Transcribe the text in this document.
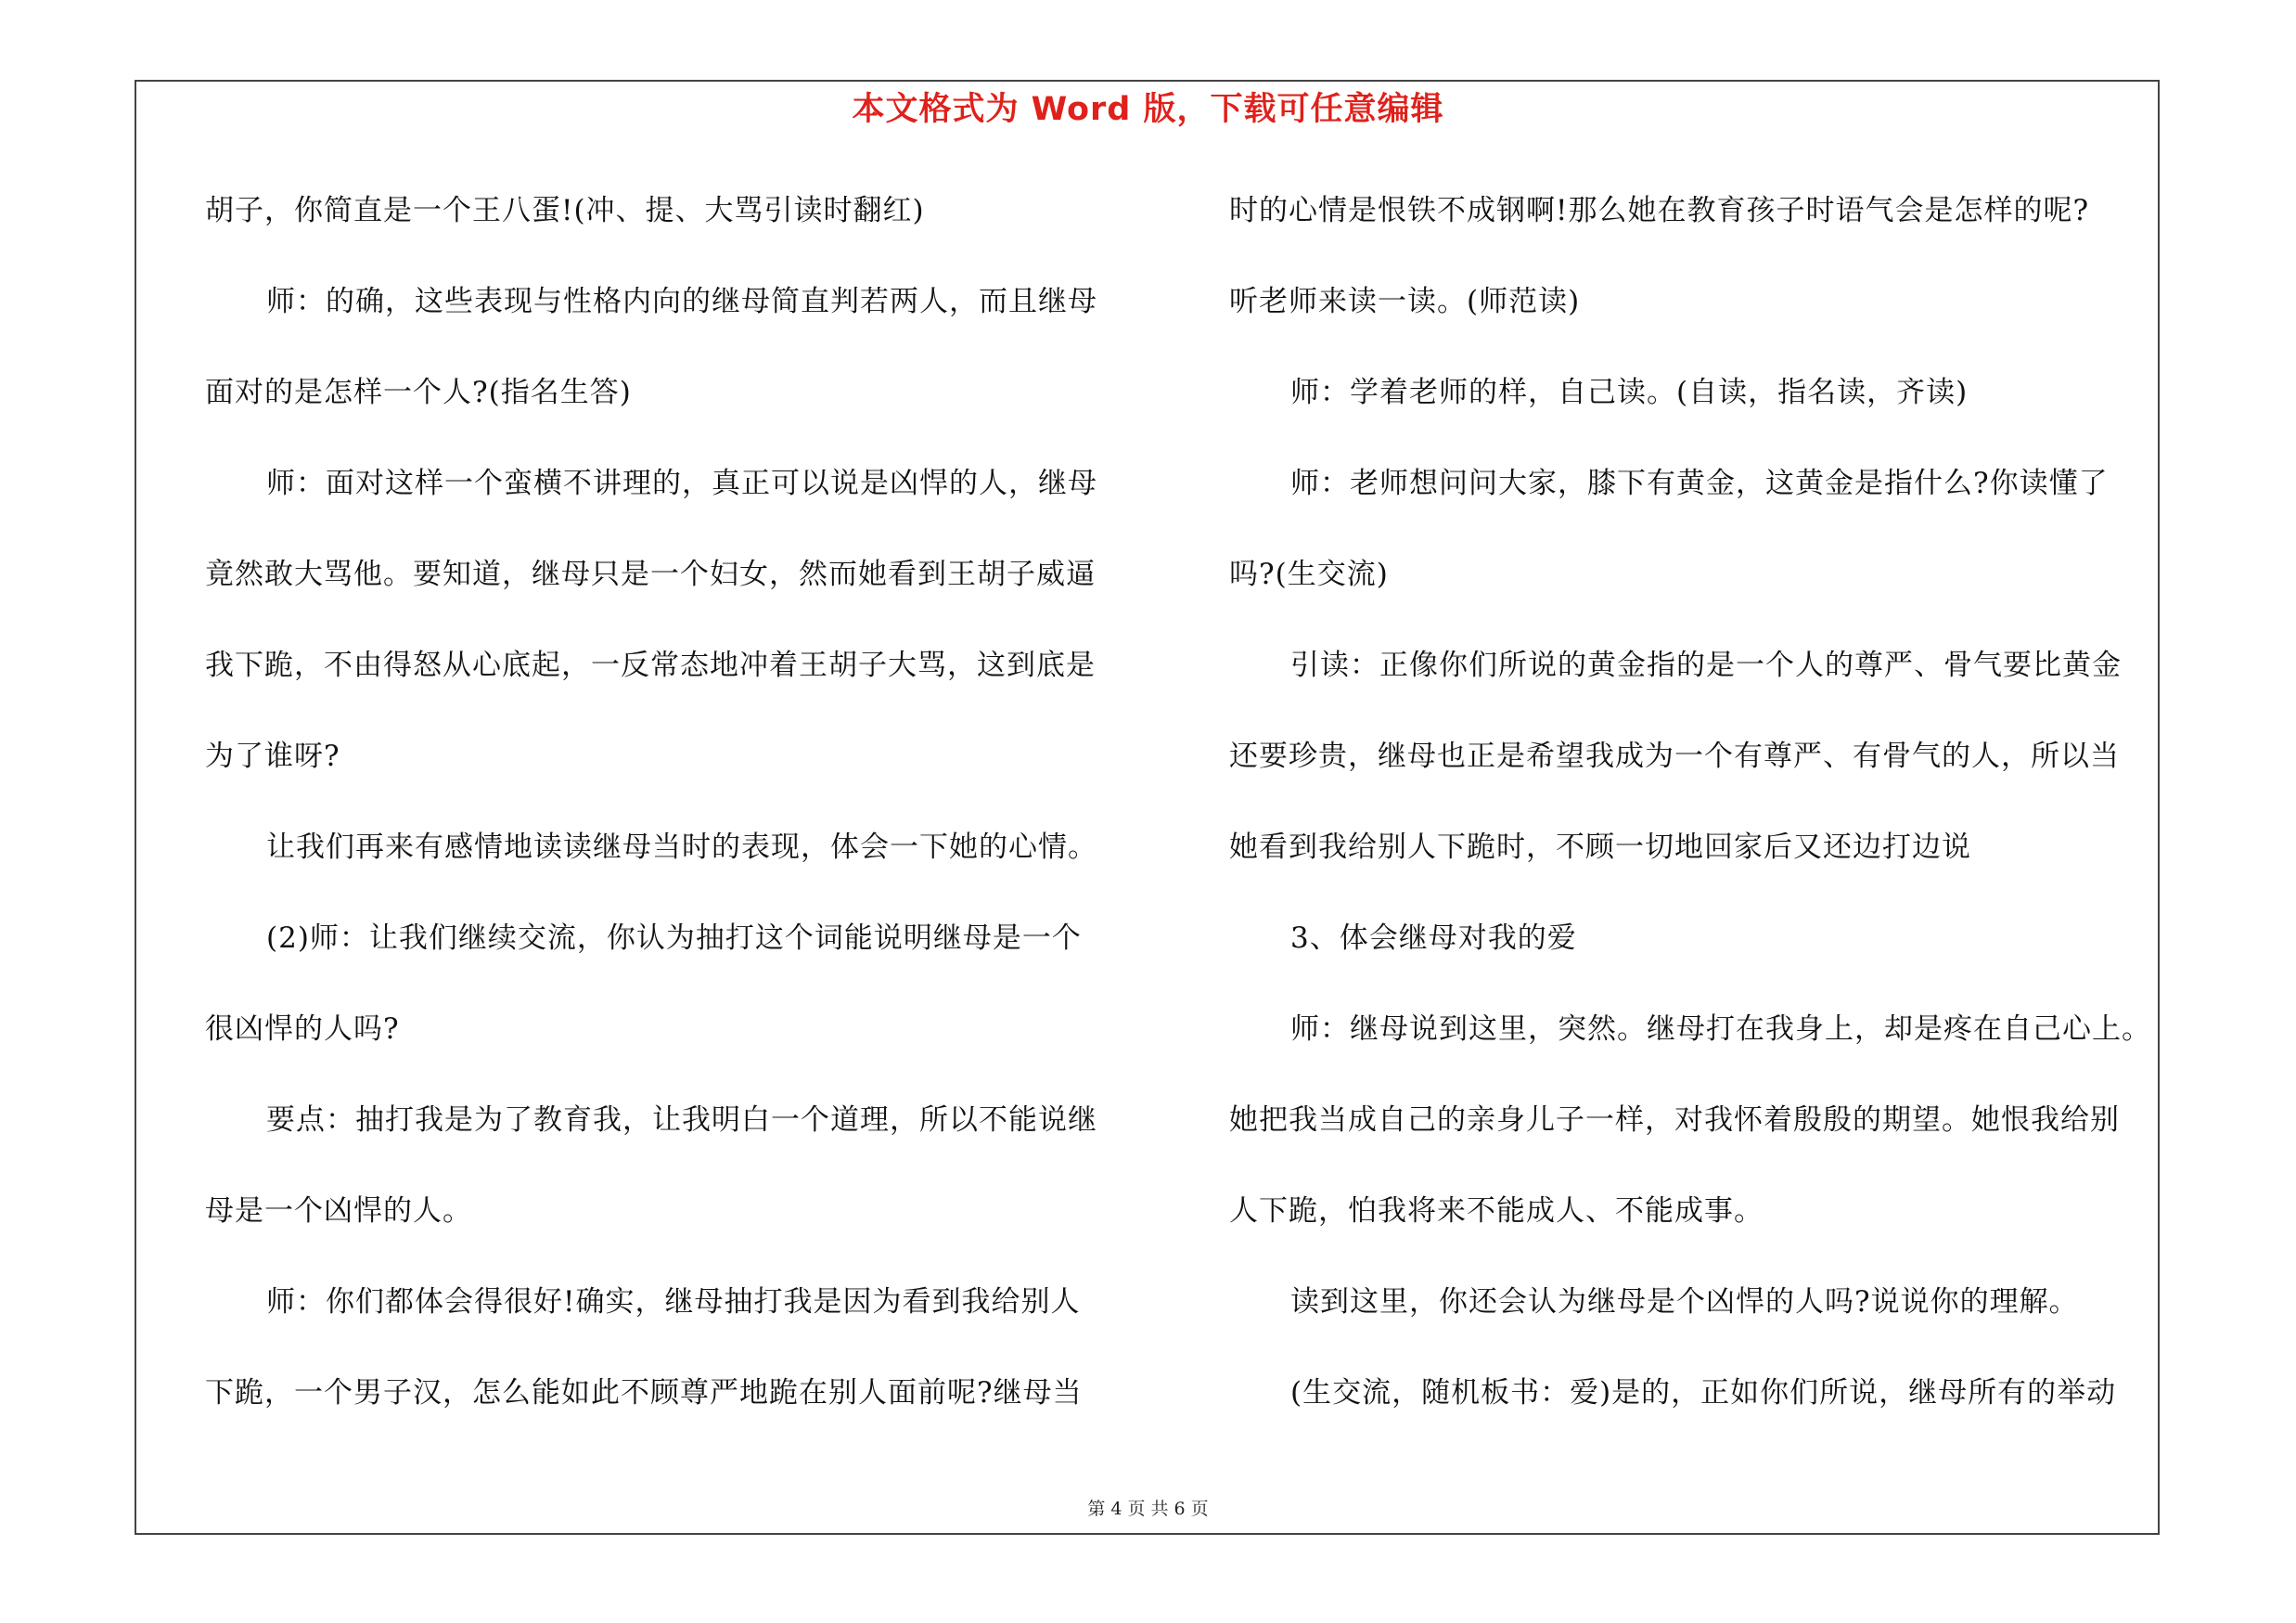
本文格式为 Word 版，下载可任意编辑
胡子，你简直是一个王八蛋!(冲、提、大骂引读时翻红)
师：的确，这些表现与性格内向的继母简直判若两人，而且继母
面对的是怎样一个人?(指名生答)
师：面对这样一个蛮横不讲理的，真正可以说是凶悍的人，继母
竟然敢大骂他。要知道，继母只是一个妇女，然而她看到王胡子威逼
我下跪，不由得怒从心底起，一反常态地冲着王胡子大骂，这到底是
为了谁呀?
让我们再来有感情地读读继母当时的表现，体会一下她的心情。
(2)师：让我们继续交流，你认为抽打这个词能说明继母是一个
很凶悍的人吗?
要点：抽打我是为了教育我，让我明白一个道理，所以不能说继
母是一个凶悍的人。
师：你们都体会得很好!确实，继母抽打我是因为看到我给别人
下跪，一个男子汉，怎么能如此不顾尊严地跪在别人面前呢?继母当
时的心情是恨铁不成钢啊!那么她在教育孩子时语气会是怎样的呢?
听老师来读一读。(师范读)
师：学着老师的样，自己读。(自读，指名读，齐读)
师：老师想问问大家，膝下有黄金，这黄金是指什么?你读懂了
吗?(生交流)
引读：正像你们所说的黄金指的是一个人的尊严、骨气要比黄金
还要珍贵，继母也正是希望我成为一个有尊严、有骨气的人，所以当
她看到我给别人下跪时，不顾一切地回家后又还边打边说
3、体会继母对我的爱
师：继母说到这里，突然。继母打在我身上，却是疼在自己心上。
她把我当成自己的亲身儿子一样，对我怀着殷殷的期望。她恨我给别
人下跪，怕我将来不能成人、不能成事。
读到这里，你还会认为继母是个凶悍的人吗?说说你的理解。
(生交流，随机板书：爱)是的，正如你们所说，继母所有的举动
第 4 页 共 6 页
